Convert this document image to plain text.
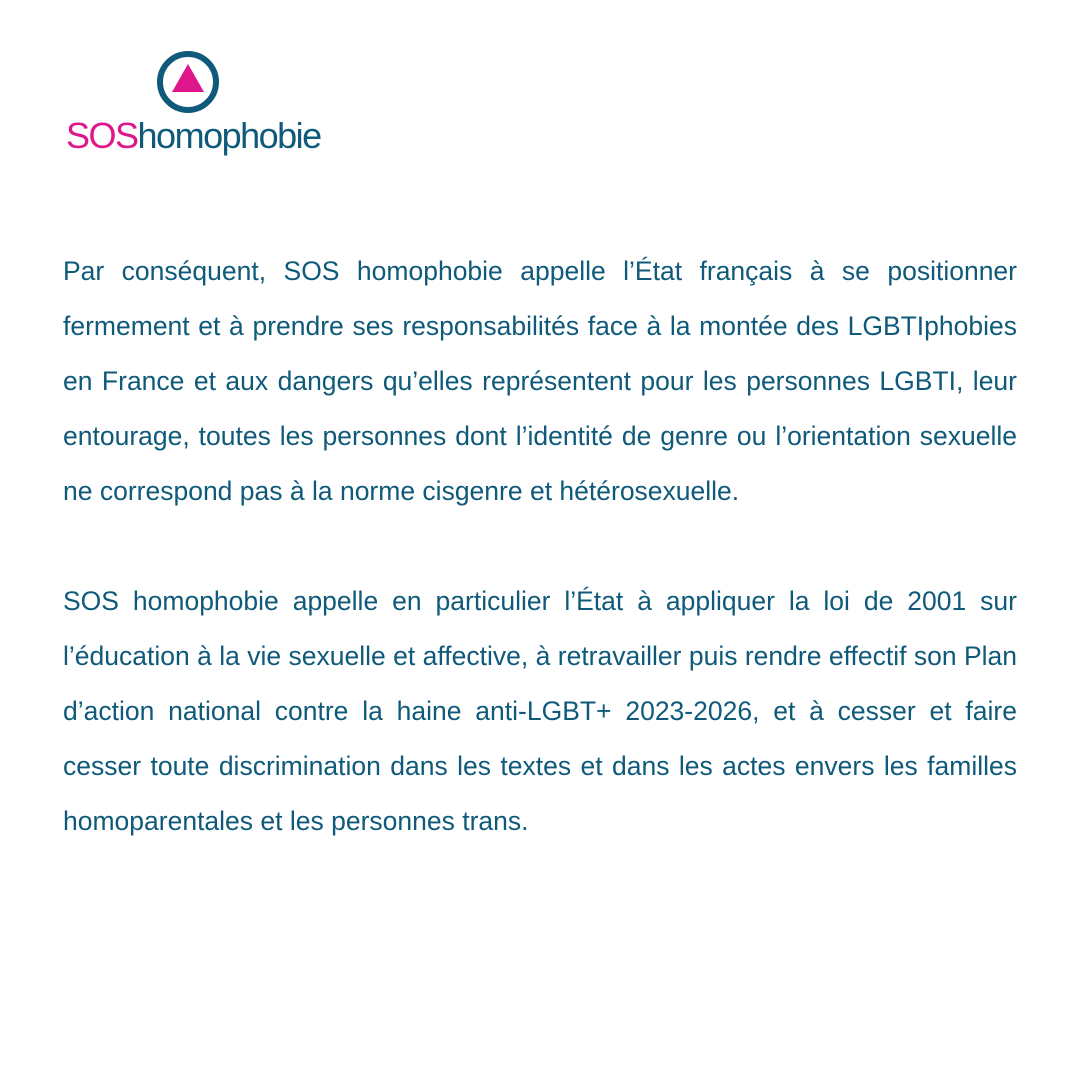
SOShomophobie

Par conséquent, SOS homophobie appelle l’État français à se positionner fermement et à prendre ses responsabilités face à la montée des LGBTIphobies en France et aux dangers qu’elles représentent pour les personnes LGBTI, leur entourage, toutes les personnes dont l’identité de genre ou l’orientation sexuelle ne correspond pas à la norme cisgenre et hétérosexuelle.

SOS homophobie appelle en particulier l’État à appliquer la loi de 2001 sur l’éducation à la vie sexuelle et affective, à retravailler puis rendre effectif son Plan d’action national contre la haine anti-LGBT+ 2023-2026, et à cesser et faire cesser toute discrimination dans les textes et dans les actes envers les familles homoparentales et les personnes trans.
